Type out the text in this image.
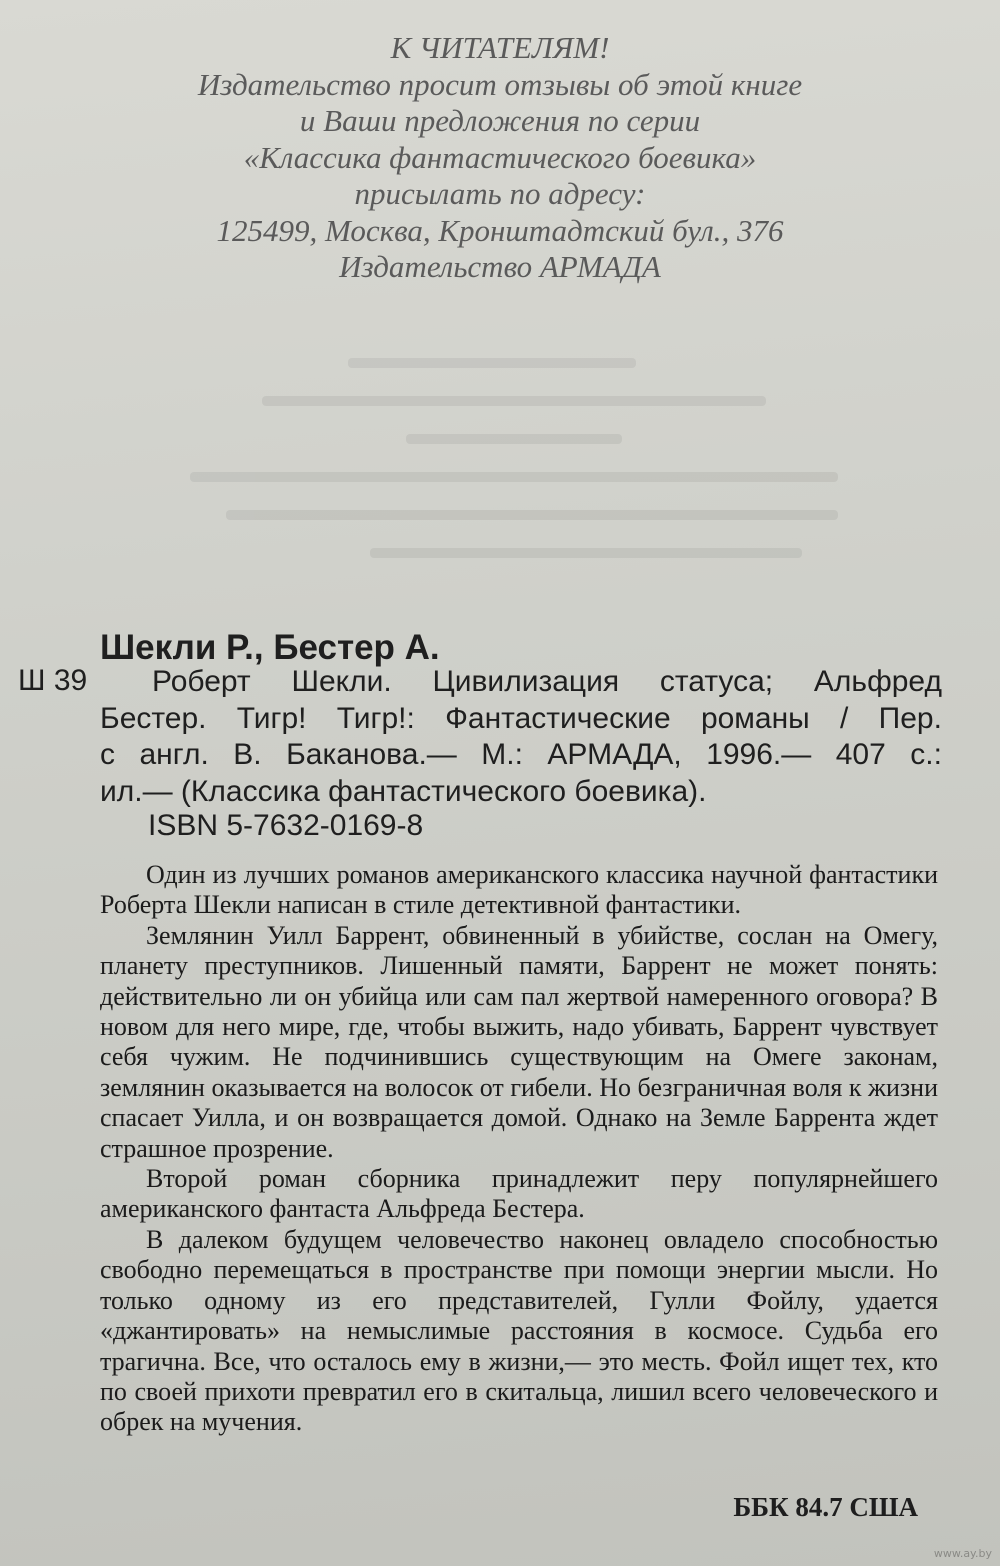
К ЧИТАТЕЛЯМ!
Издательство просит отзывы об этой книге
и Ваши предложения по серии
«Классика фантастического боевика»
присылать по адресу:
125499, Москва, Кронштадтский бул., 376
Издательство АРМАДА
Шекли Р., Бестер А.
Ш 39 Роберт Шекли. Цивилизация статуса; Альфред
Бестер. Тигр! Тигр!: Фантастические романы / Пер.
с англ. В. Баканова.— М.: АРМАДА, 1996.— 407 с.:
ил.— (Классика фантастического боевика).
ISBN 5-7632-0169-8

Один из лучших романов американского классика научной фантастики Роберта Шекли написан в стиле детективной фантастики.

Землянин Уилл Баррент, обвиненный в убийстве, сослан на Омегу, планету преступников. Лишенный памяти, Баррент не может понять: действительно ли он убийца или сам пал жертвой намеренного оговора? В новом для него мире, где, чтобы выжить, надо убивать, Баррент чувствует себя чужим. Не подчинившись существующим на Омеге законам, землянин оказывается на волосок от гибели. Но безграничная воля к жизни спасает Уилла, и он возвращается домой. Однако на Земле Баррента ждет страшное прозрение.

Второй роман сборника принадлежит перу популярнейшего американского фантаста Альфреда Бестера.

В далеком будущем человечество наконец овладело способностью свободно перемещаться в пространстве при помощи энергии мысли. Но только одному из его представителей, Гулли Фойлу, удается «джантировать» на немыслимые расстояния в космосе. Судьба его трагична. Все, что осталось ему в жизни,— это месть. Фойл ищет тех, кто по своей прихоти превратил его в скитальца, лишил всего человеческого и обрек на мучения.

ББК 84.7 США
www.ay.by
